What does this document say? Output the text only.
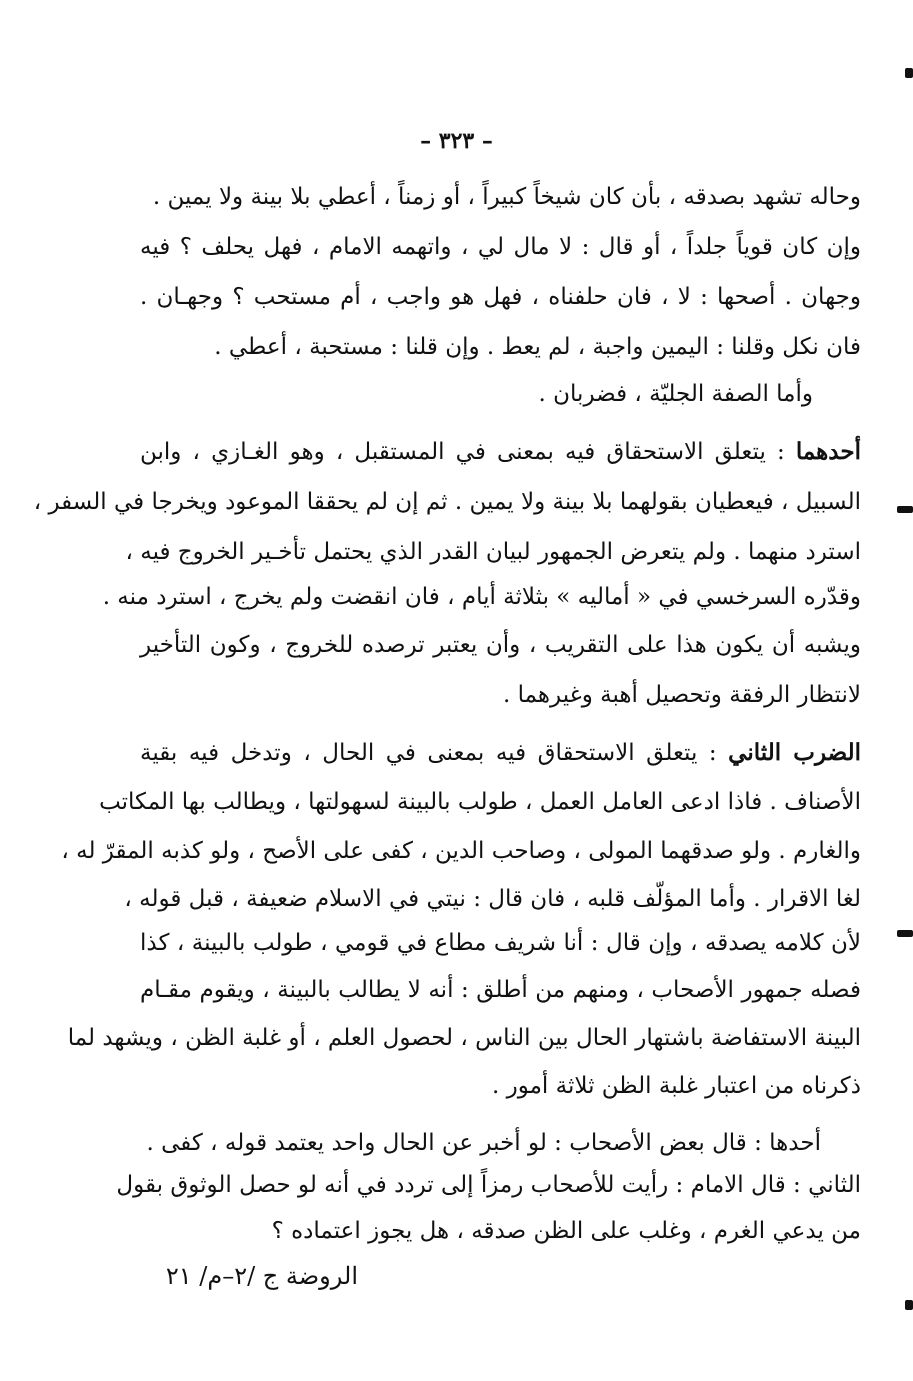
– ٣٢٣ –
وحاله تشهد بصدقه ، بأن كان شيخاً كبيراً ، أو زمناً ، أعطي بلا بينة ولا يمين .
وإن كان قوياً جلداً ، أو قال : لا مال لي ، واتهمه الامام ، فهل يحلف ؟ فيه
وجهان . أصحها : لا ، فان حلفناه ، فهل هو واجب ، أم مستحب ؟ وجهـان .
فان نكل وقلنا : اليمين واجبة ، لم يعط . وإن قلنا : مستحبة ، أعطي .
وأما الصفة الجليّة ، فضربان .
أحدهما : يتعلق الاستحقاق فيه بمعنى في المستقبل ، وهو الغـازي ، وابن
السبيل ، فيعطيان بقولهما بلا بينة ولا يمين . ثم إن لم يحققا الموعود ويخرجا في السفر ،
استرد منهما . ولم يتعرض الجمهور لبيان القدر الذي يحتمل تأخـير الخروج فيه ،
وقدّره السرخسي في « أماليه » بثلاثة أيام ، فان انقضت ولم يخرج ، استرد منه .
ويشبه أن يكون هذا على التقريب ، وأن يعتبر ترصده للخروج ، وكون التأخير
لانتظار الرفقة وتحصيل أهبة وغيرهما .
الضرب الثاني : يتعلق الاستحقاق فيه بمعنى في الحال ، وتدخل فيه بقية
الأصناف . فاذا ادعى العامل العمل ، طولب بالبينة لسهولتها ، ويطالب بها المكاتب
والغارم . ولو صدقهما المولى ، وصاحب الدين ، كفى على الأصح ، ولو كذبه المقرّ له ،
لغا الاقرار . وأما المؤلّف قلبه ، فان قال : نيتي في الاسلام ضعيفة ، قبل قوله ،
لأن كلامه يصدقه ، وإن قال : أنا شريف مطاع في قومي ، طولب بالبينة ، كذا
فصله جمهور الأصحاب ، ومنهم من أطلق : أنه لا يطالب بالبينة ، ويقوم مقـام
البينة الاستفاضة باشتهار الحال بين الناس ، لحصول العلم ، أو غلبة الظن ، ويشهد لما
ذكرناه من اعتبار غلبة الظن ثلاثة أمور .
أحدها : قال بعض الأصحاب : لو أخبر عن الحال واحد يعتمد قوله ، كفى .
الثاني : قال الامام : رأيت للأصحاب رمزاً إلى تردد في أنه لو حصل الوثوق بقول
من يدعي الغرم ، وغلب على الظن صدقه ، هل يجوز اعتماده ؟
الروضة ج /٢–م/ ٢١
